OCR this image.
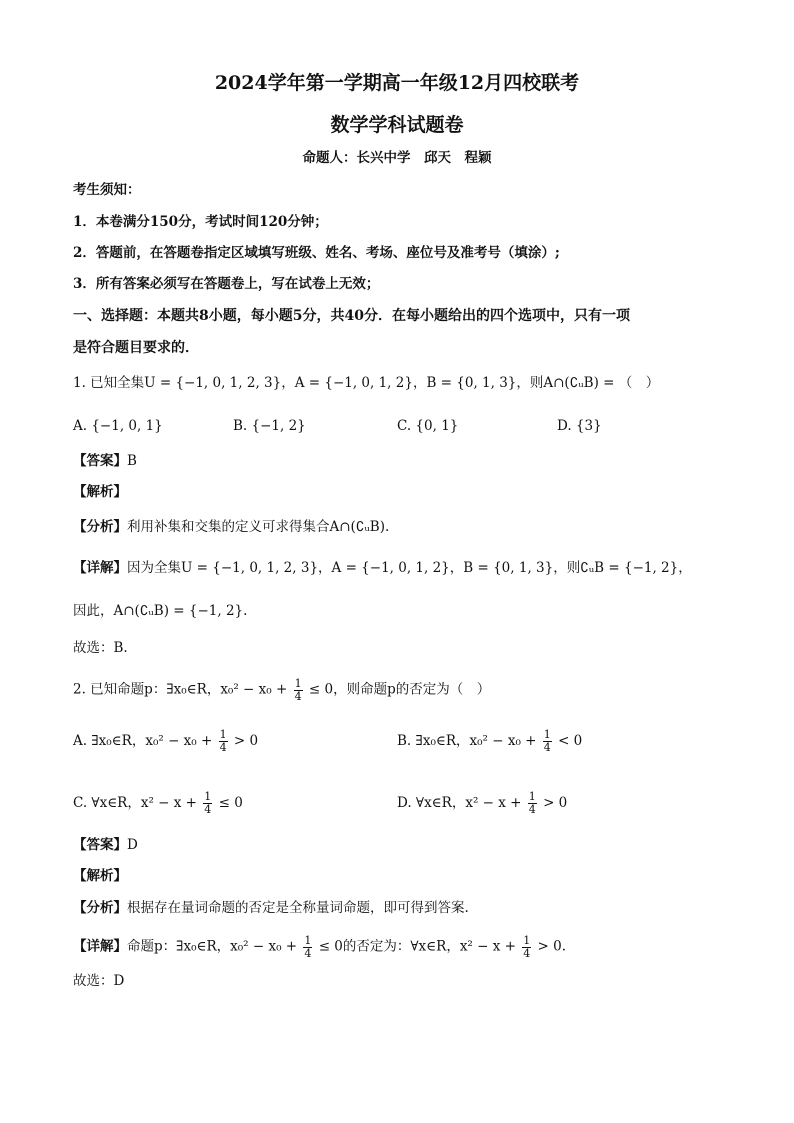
2024学年第一学期高一年级12月四校联考
数学学科试题卷
命题人：长兴中学　邱天　程颖
考生须知：
1．本卷满分150分，考试时间120分钟；
2．答题前，在答题卷指定区域填写班级、姓名、考场、座位号及准考号（填涂）;
3．所有答案必须写在答题卷上，写在试卷上无效；
一、选择题：本题共8小题，每小题5分，共40分．在每小题给出的四个选项中，只有一项
是符合题目要求的．
1. 已知全集U = {−1, 0, 1, 2, 3}，A = {−1, 0, 1, 2}，B = {0, 1, 3}，则A∩(∁ᵤB) = （　）
A. {−1, 0, 1}	B. {−1, 2}	C. {0, 1}	D. {3}
【答案】B
【解析】
【分析】利用补集和交集的定义可求得集合A∩(∁ᵤB).
【详解】因为全集U = {−1, 0, 1, 2, 3}，A = {−1, 0, 1, 2}，B = {0, 1, 3}，则∁ᵤB = {−1, 2}，
因此，A∩(∁ᵤB) = {−1, 2}.
故选：B.
2. 已知命题p：∃x₀∈R，$x_0^2 - x_0 + \frac{1}{4} \le 0$，则命题p的否定为（　）
A. ∃x₀∈R，$x_0^2 - x_0 + \frac{1}{4} > 0$	B. ∃x₀∈R，$x_0^2 - x_0 + \frac{1}{4} < 0$
C. ∀x∈R，$x^2 - x + \frac{1}{4} \le 0$	D. ∀x∈R，$x^2 - x + \frac{1}{4} > 0$
【答案】D
【解析】
【分析】根据存在量词命题的否定是全称量词命题，即可得到答案.
【详解】命题p：∃x₀∈R，$x_0^2 - x_0 + \frac{1}{4} \le 0$的否定为：∀x∈R，$x^2 - x + \frac{1}{4} > 0$.
故选：D
